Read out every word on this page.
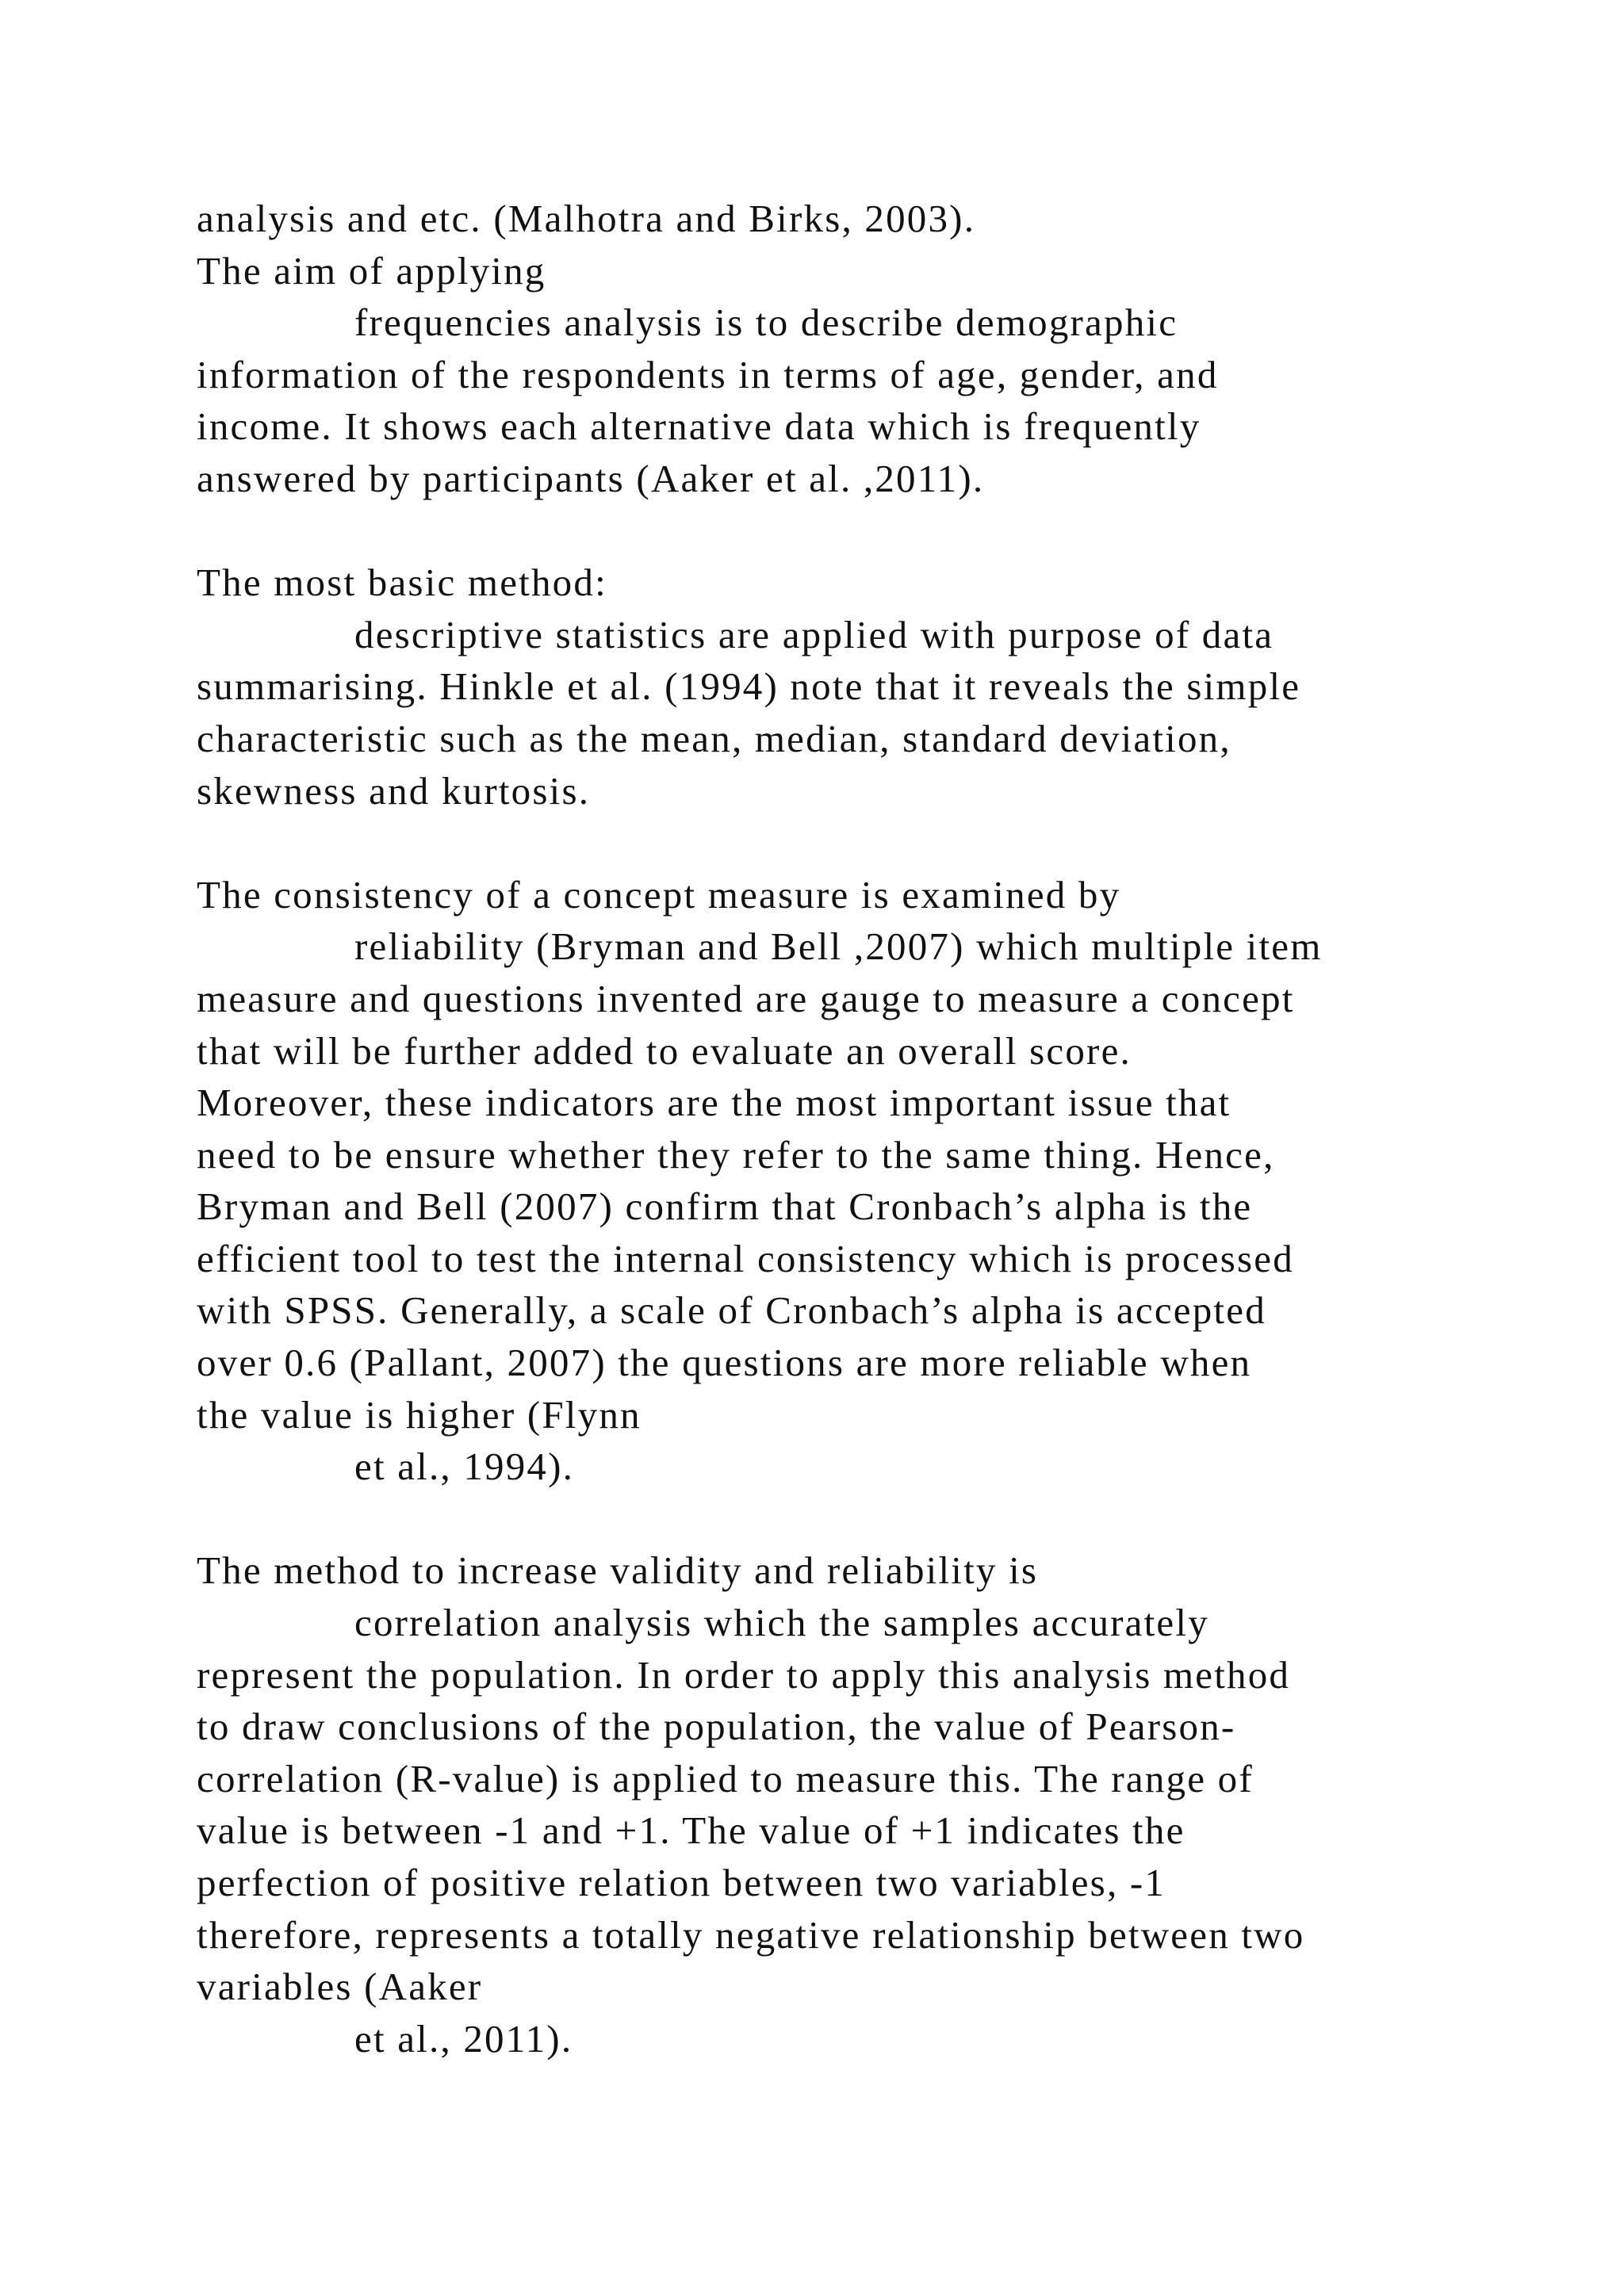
analysis and etc. (Malhotra and Birks, 2003).
The aim of applying
frequencies analysis is to describe demographic
information of the respondents in terms of age, gender, and
income. It shows each alternative data which is frequently
answered by participants (Aaker et al. ,2011).
The most basic method:
descriptive statistics are applied with purpose of data
summarising. Hinkle et al. (1994) note that it reveals the simple
characteristic such as the mean, median, standard deviation,
skewness and kurtosis.
The consistency of a concept measure is examined by
reliability (Bryman and Bell ,2007) which multiple item
measure and questions invented are gauge to measure a concept
that will be further added to evaluate an overall score.
Moreover, these indicators are the most important issue that
need to be ensure whether they refer to the same thing. Hence,
Bryman and Bell (2007) confirm that Cronbach’s alpha is the
efficient tool to test the internal consistency which is processed
with SPSS. Generally, a scale of Cronbach’s alpha is accepted
over 0.6 (Pallant, 2007) the questions are more reliable when
the value is higher (Flynn
et al., 1994).
The method to increase validity and reliability is
correlation analysis which the samples accurately
represent the population. In order to apply this analysis method
to draw conclusions of the population, the value of Pearson-
correlation (R-value) is applied to measure this. The range of
value is between -1 and +1. The value of +1 indicates the
perfection of positive relation between two variables, -1
therefore, represents a totally negative relationship between two
variables (Aaker
et al., 2011).
